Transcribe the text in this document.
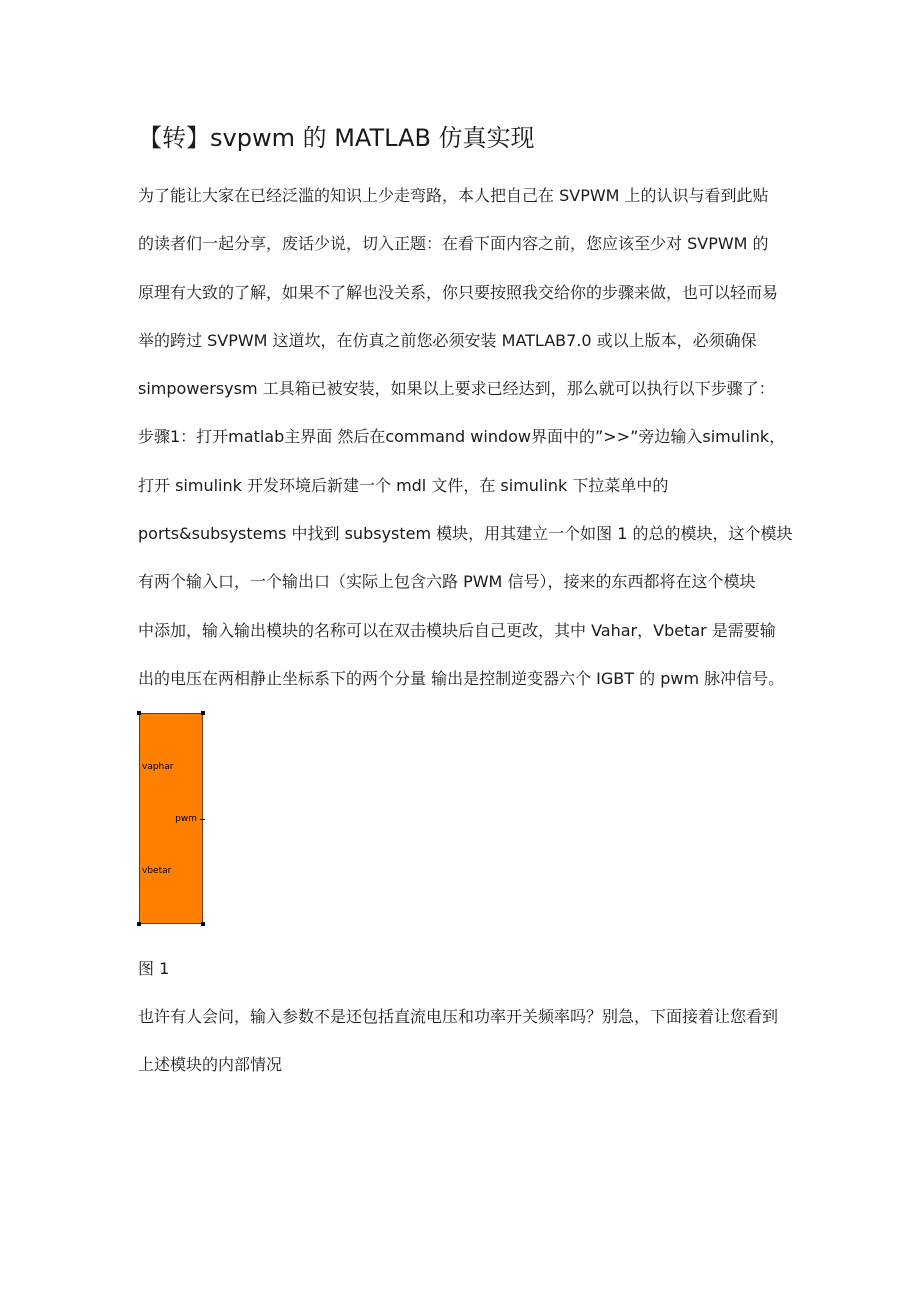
【转】svpwm 的 MATLAB 仿真实现
为了能让大家在已经泛滥的知识上少走弯路，本人把自己在 SVPWM 上的认识与看到此贴
的读者们一起分享，废话少说，切入正题：在看下面内容之前，您应该至少对 SVPWM 的
原理有大致的了解，如果不了解也没关系，你只要按照我交给你的步骤来做，也可以轻而易
举的跨过 SVPWM 这道坎，在仿真之前您必须安装 MATLAB7.0 或以上版本，必须确保
simpowersysm 工具箱已被安装，如果以上要求已经达到，那么就可以执行以下步骤了：
步骤1：打开matlab主界面 然后在command window界面中的”>>”旁边输入simulink，
打开 simulink 开发环境后新建一个 mdl 文件，在 simulink 下拉菜单中的
ports&subsystems 中找到 subsystem 模块，用其建立一个如图 1 的总的模块，这个模块
有两个输入口，一个输出口（实际上包含六路 PWM 信号），接来的东西都将在这个模块
中添加，输入输出模块的名称可以在双击模块后自己更改，其中 Vahar，Vbetar 是需要输
出的电压在两相静止坐标系下的两个分量 输出是控制逆变器六个 IGBT 的 pwm 脉冲信号。
vaphar
pwm
vbetar
图 1
也许有人会问，输入参数不是还包括直流电压和功率开关频率吗？别急，下面接着让您看到
上述模块的内部情况
